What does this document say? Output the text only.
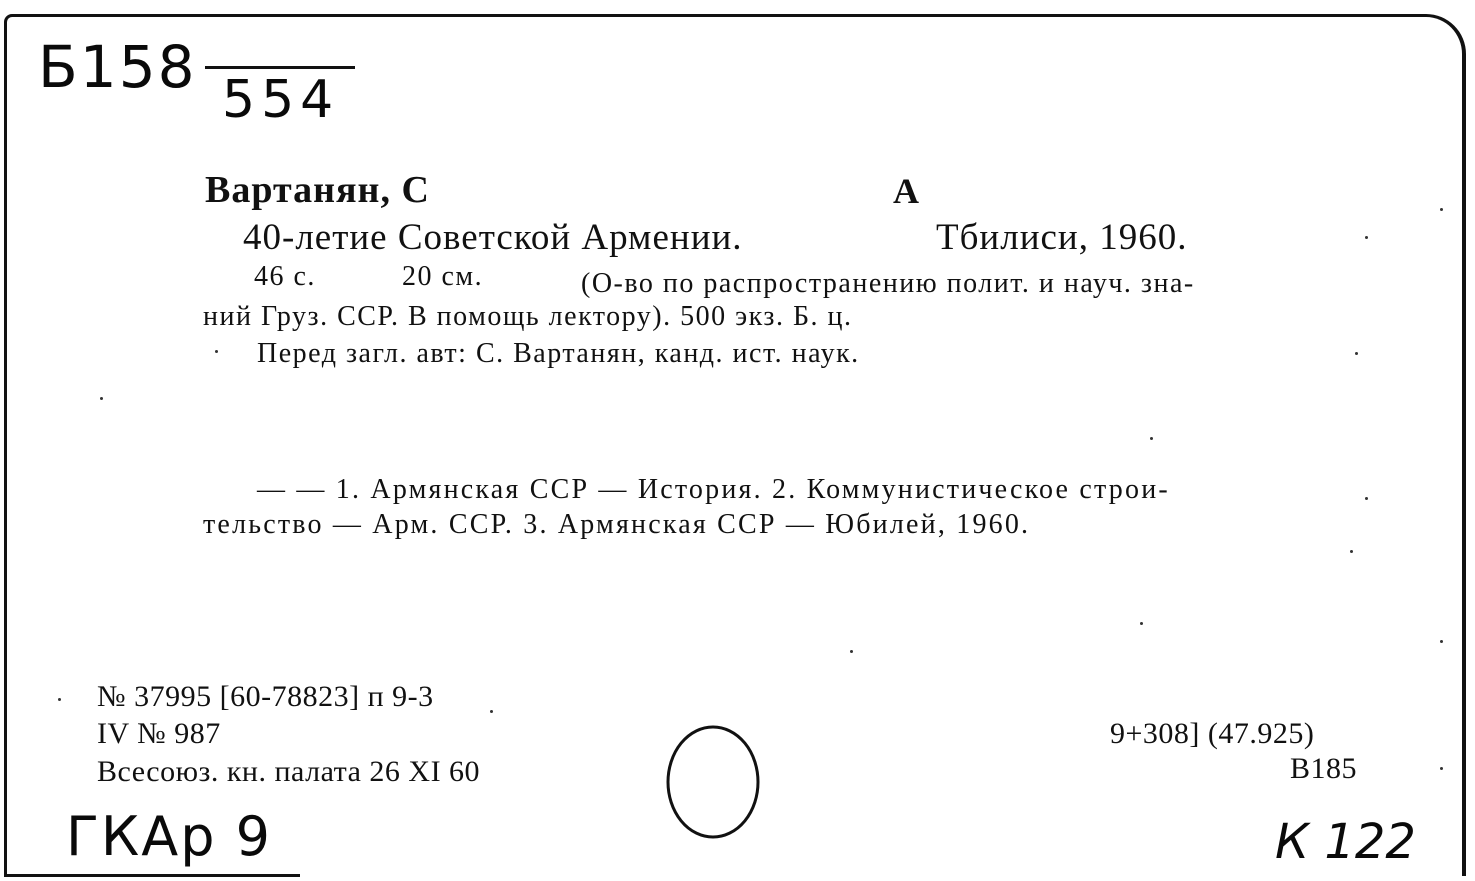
Б158 554
Вартанян, С	А
40-летие Советской Армении.	Тбилиси, 1960.
46 с.	20 см.	(О-во по распространению полит. и науч. зна-
ний Груз. ССР. В помощь лектору). 500 экз. Б. ц.
Перед загл. авт: С. Вартанян, канд. ист. наук.
— — 1. Армянская ССР — История. 2. Коммунистическое строи-
тельство — Арм. ССР. 3. Армянская ССР — Юбилей, 1960.
№ 37995 [60-78823] п 9-3
IV № 987
Всесоюз. кн. палата 26 XI 60
9+308] (47.925)
В185
ГКАр 9	К 122
